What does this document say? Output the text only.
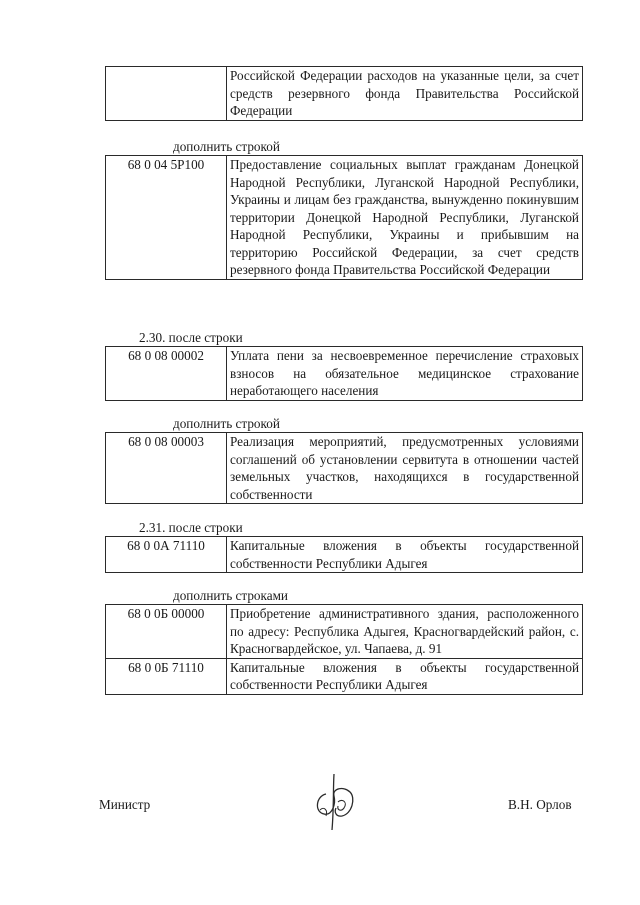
	Российской Федерации расходов на указанные цели, за счет средств резервного фонда Правительства Российской Федерации
дополнить строкой
68 0 04 5P100	Предоставление социальных выплат гражданам Донецкой Народной Республики, Луганской Народной Республики, Украины и лицам без гражданства, вынужденно покинувшим территории Донецкой Народной Республики, Луганской Народной Республики, Украины и прибывшим на территорию Российской Федерации, за счет средств резервного фонда Правительства Российской Федерации
2.30. после строки
68 0 08 00002	Уплата пени за несвоевременное перечисление страховых взносов на обязательное медицинское страхование неработающего населения
дополнить строкой
68 0 08 00003	Реализация мероприятий, предусмотренных условиями соглашений об установлении сервитута в отношении частей земельных участков, находящихся в государственной собственности
2.31. после строки
68 0 0А 71110	Капитальные вложения в объекты государственной собственности Республики Адыгея
дополнить строками
68 0 0Б 00000	Приобретение административного здания, расположенного по адресу: Республика Адыгея, Красногвардейский район, с. Красногвардейское, ул. Чапаева, д. 91
68 0 0Б 71110	Капитальные вложения в объекты государственной собственности Республики Адыгея
Министр	В.Н. Орлов
